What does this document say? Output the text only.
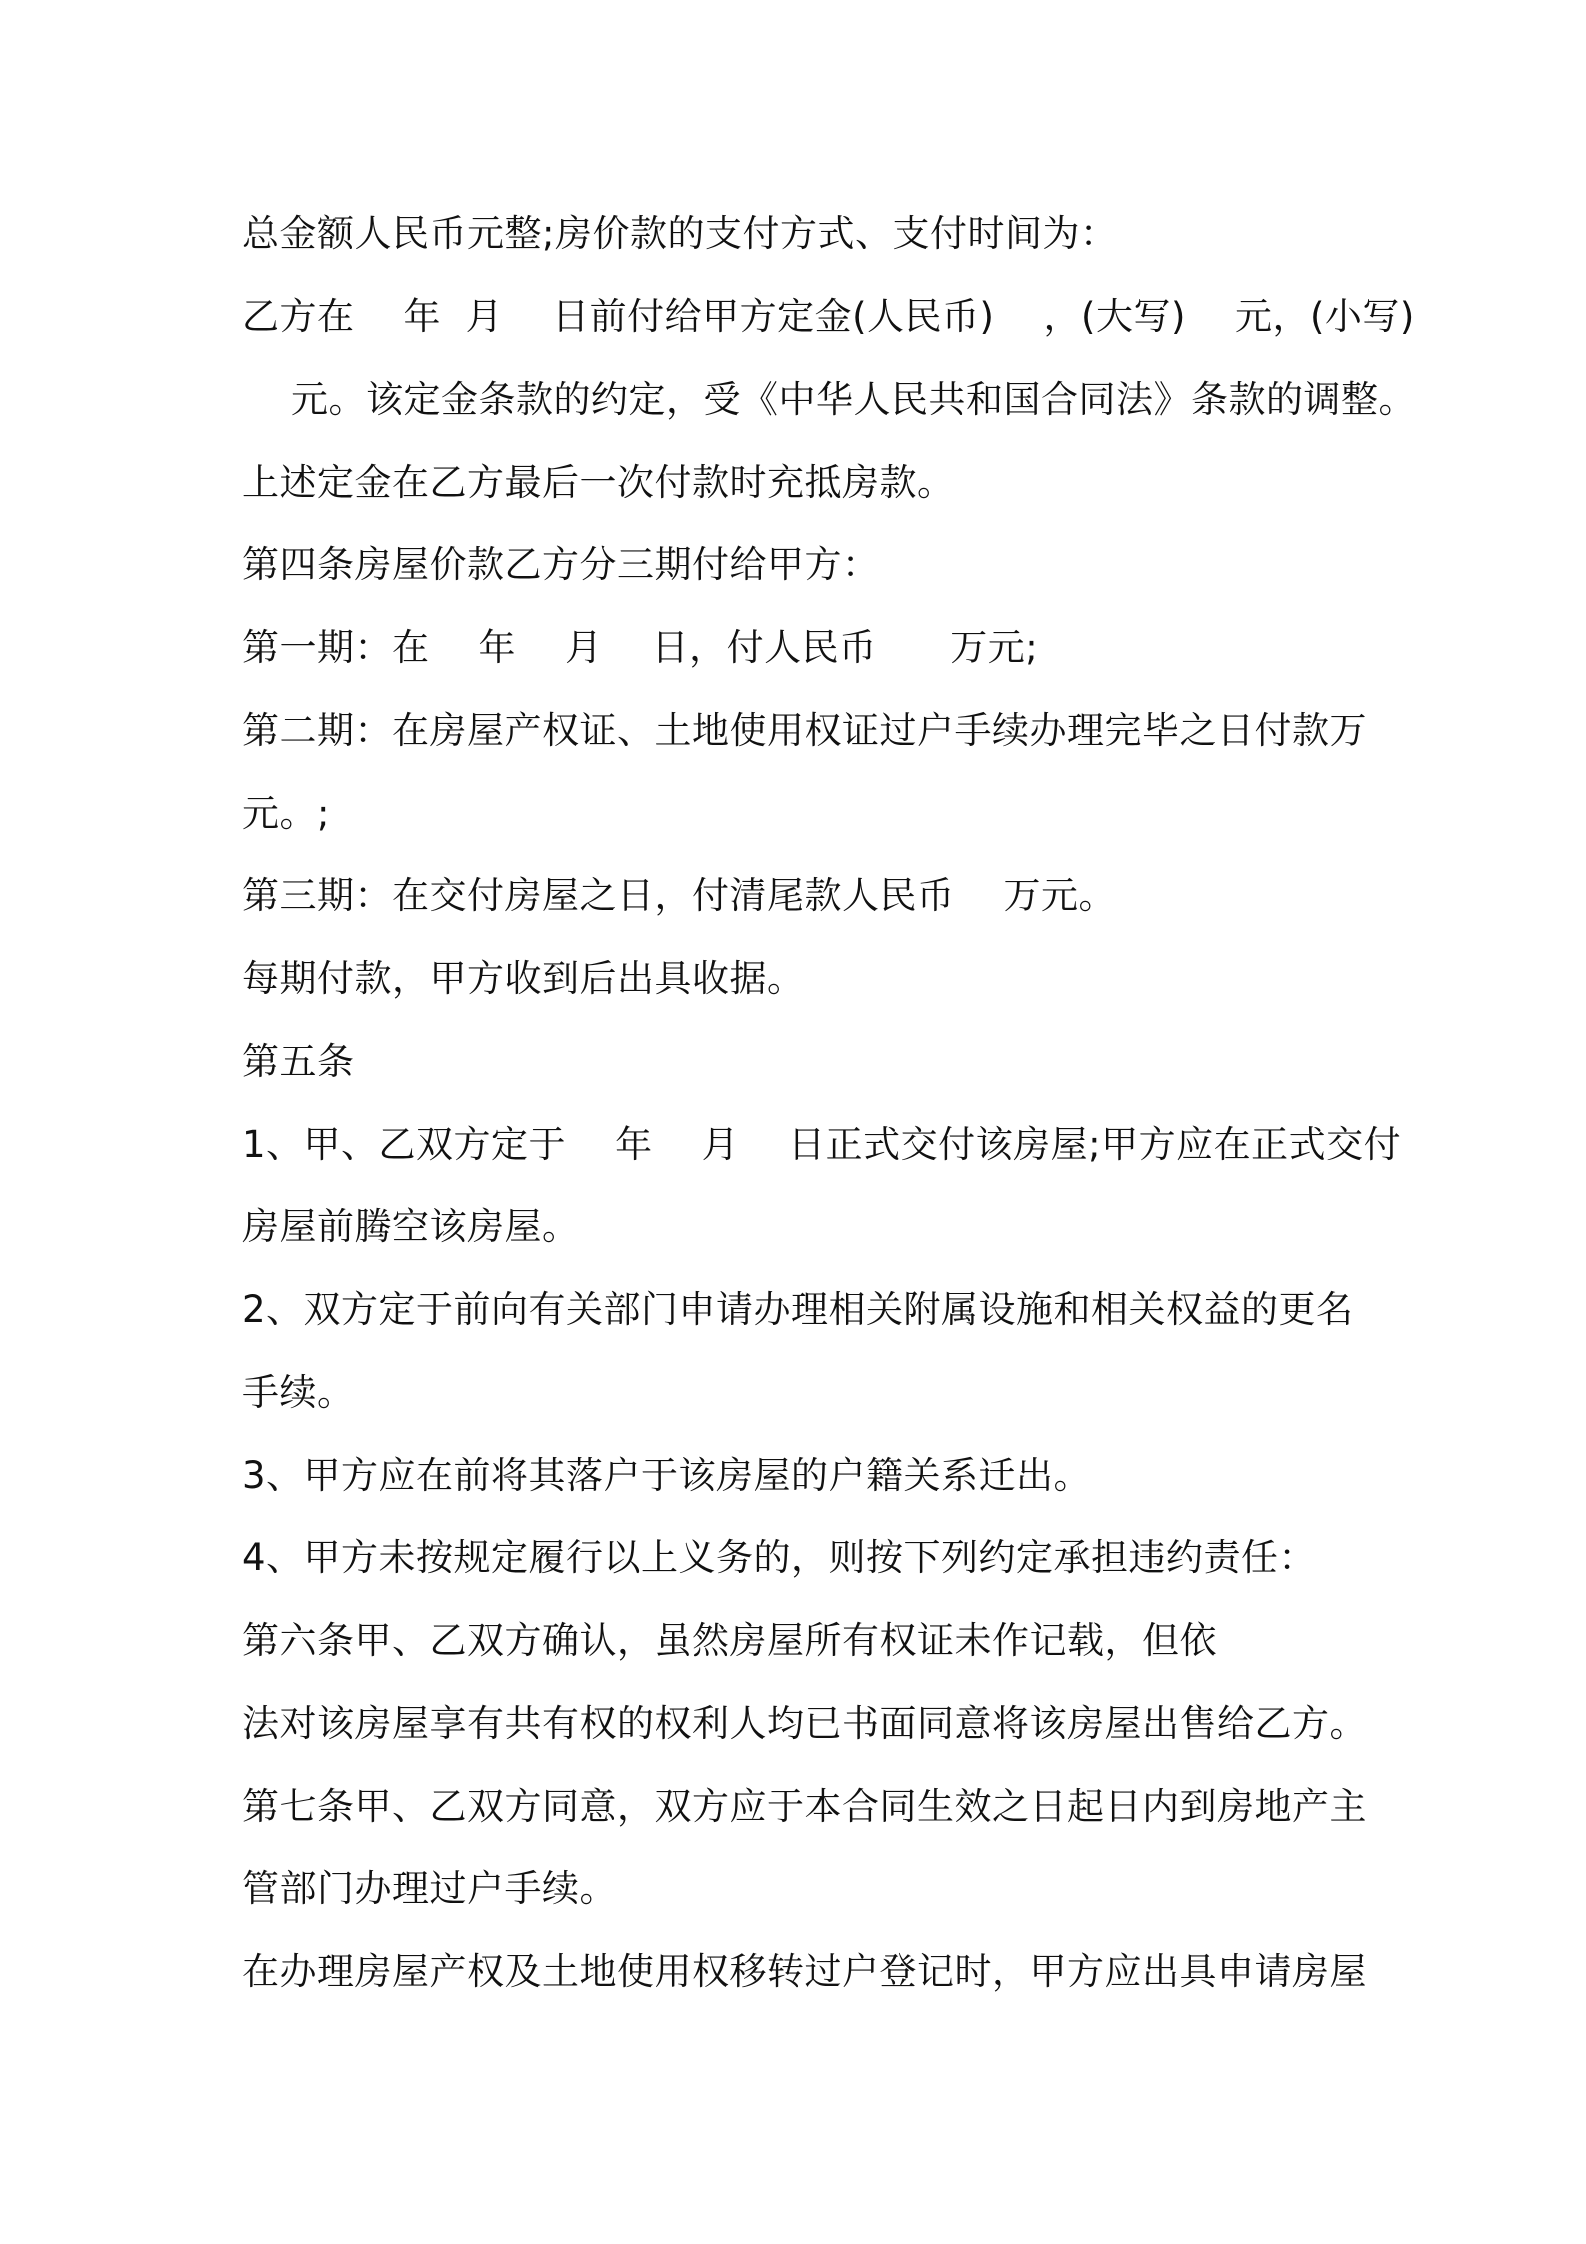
总金额人民币元整;房价款的支付方式、支付时间为：
乙方在    年  月    日前付给甲方定金(人民币)    ，(大写)    元，(小写)
元。该定金条款的约定，受《中华人民共和国合同法》条款的调整。
上述定金在乙方最后一次付款时充抵房款。
第四条房屋价款乙方分三期付给甲方：
第一期：在    年    月    日，付人民币      万元;
第二期：在房屋产权证、土地使用权证过户手续办理完毕之日付款万
元。;
第三期：在交付房屋之日，付清尾款人民币    万元。
每期付款，甲方收到后出具收据。
第五条
1、甲、乙双方定于    年    月    日正式交付该房屋;甲方应在正式交付
房屋前腾空该房屋。
2、双方定于前向有关部门申请办理相关附属设施和相关权益的更名
手续。
3、甲方应在前将其落户于该房屋的户籍关系迁出。
4、甲方未按规定履行以上义务的，则按下列约定承担违约责任：
第六条甲、乙双方确认，虽然房屋所有权证未作记载，但依
法对该房屋享有共有权的权利人均已书面同意将该房屋出售给乙方。
第七条甲、乙双方同意，双方应于本合同生效之日起日内到房地产主
管部门办理过户手续。
在办理房屋产权及土地使用权移转过户登记时，甲方应出具申请房屋
